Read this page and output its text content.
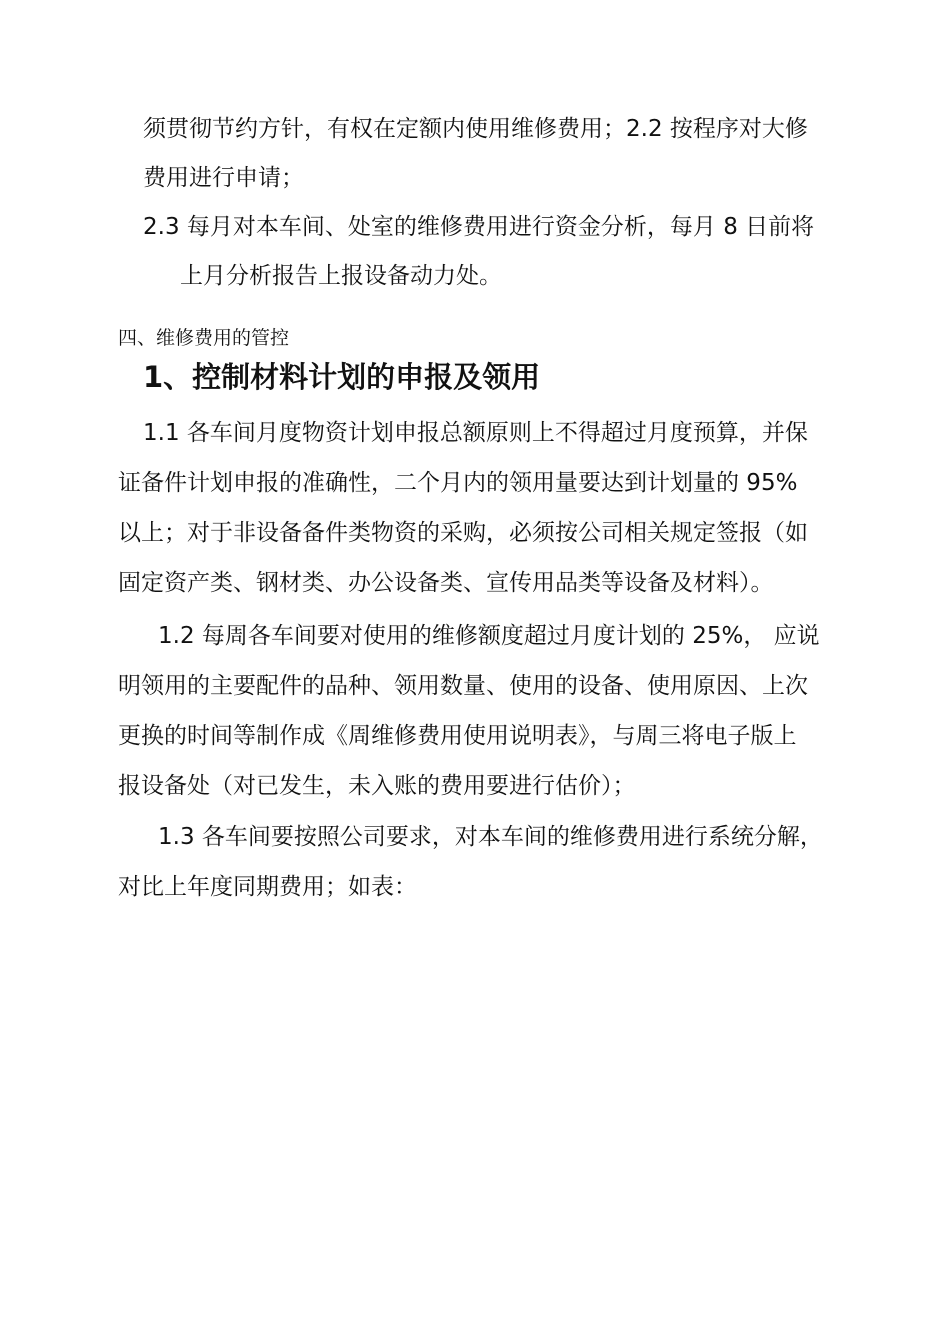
须贯彻节约方针，有权在定额内使用维修费用；2.2 按程序对大修
费用进行申请；
2.3 每月对本车间、处室的维修费用进行资金分析，每月 8 日前将
上月分析报告上报设备动力处。
四、维修费用的管控
1、控制材料计划的申报及领用
1.1 各车间月度物资计划申报总额原则上不得超过月度预算，并保
证备件计划申报的准确性，二个月内的领用量要达到计划量的 95%
以上；对于非设备备件类物资的采购，必须按公司相关规定签报（如
固定资产类、钢材类、办公设备类、宣传用品类等设备及材料）。
1.2 每周各车间要对使用的维修额度超过月度计划的 25%， 应说
明领用的主要配件的品种、领用数量、使用的设备、使用原因、上次
更换的时间等制作成《周维修费用使用说明表》，与周三将电子版上
报设备处（对已发生，未入账的费用要进行估价）；
1.3 各车间要按照公司要求，对本车间的维修费用进行系统分解，
对比上年度同期费用；如表：
